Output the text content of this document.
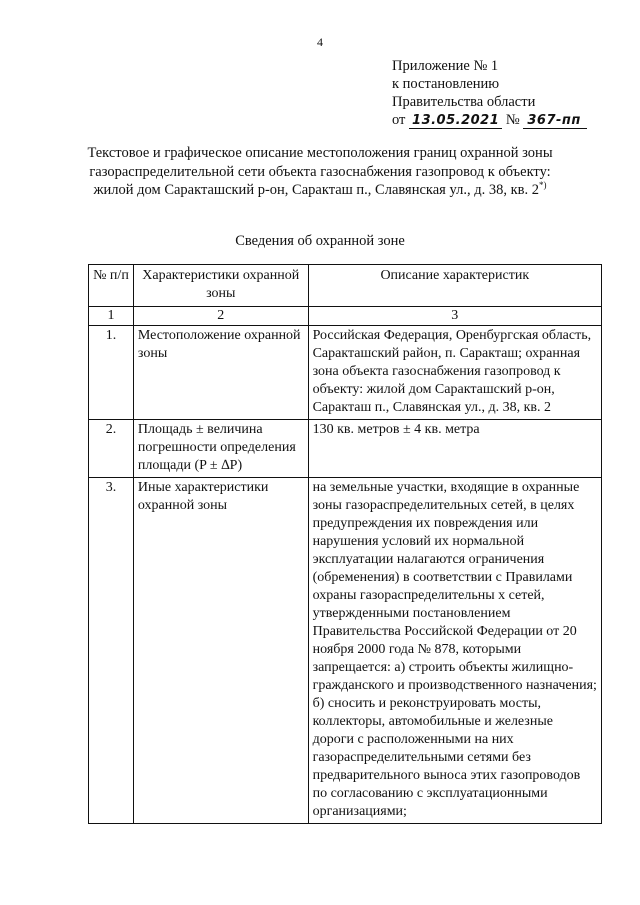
4
Приложение № 1
к постановлению
Правительства области
от 13.05.2021 № 367-пп
Текстовое и графическое описание местоположения границ охранной зоны газораспределительной сети объекта газоснабжения газопровод к объекту: жилой дом Саракташский р-он, Саракташ п., Славянская ул., д. 38, кв. 2*)
Сведения об охранной зоне
№ п/п	Характеристики охранной зоны	Описание характеристик
1	2	3
1.	Местоположение охранной зоны	Российская Федерация, Оренбургская область, Саракташский район, п. Саракташ; охранная зона объекта газоснабжения газопровод к объекту: жилой дом Саракташский р-он, Саракташ п., Славянская ул., д. 38, кв. 2
2.	Площадь ± величина погрешности определения площади (P ± ∆P)	130 кв. метров ± 4 кв. метра
3.	Иные характеристики охранной зоны	на земельные участки, входящие в охранные зоны газораспределительных сетей, в целях предупреждения их повреждения или нарушения условий их нормальной эксплуатации налагаются ограничения (обременения) в соответствии с Правилами охраны газораспределительны х сетей, утвержденными постановлением Правительства Российской Федерации от 20 ноября 2000 года № 878, которыми запрещается: а) строить объекты жилищно-гражданского и производственного назначения; б) сносить и реконструировать мосты, коллекторы, автомобильные и железные дороги с расположенными на них газораспределительными сетями без предварительного выноса этих газопроводов по согласованию с эксплуатационными организациями;
